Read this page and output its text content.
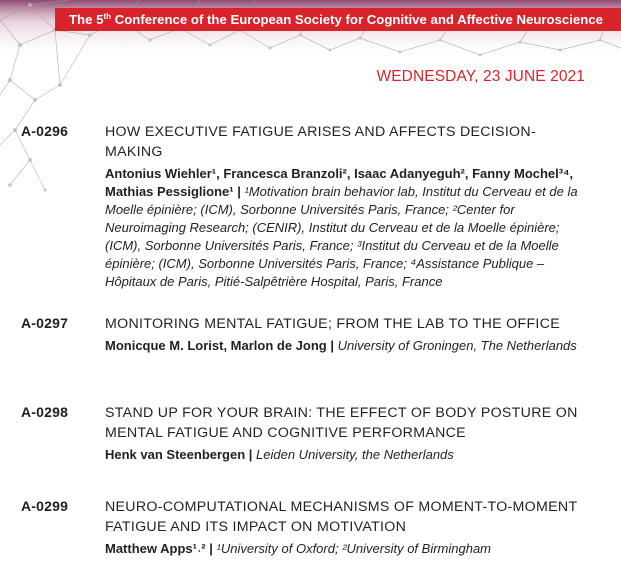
The 5th Conference of the European Society for Cognitive and Affective Neuroscience
WEDNESDAY, 23 JUNE 2021
A-0296	HOW EXECUTIVE FATIGUE ARISES AND AFFECTS DECISION-MAKING
Antonius Wiehler¹, Francesca Branzoli², Isaac Adanyeguh², Fanny Mochel³⁴, Mathias Pessiglione¹ | ¹Motivation brain behavior lab, Institut du Cerveau et de la Moelle épinière; (ICM), Sorbonne Universités Paris, France; ²Center for Neuroimaging Research; (CENIR), Institut du Cerveau et de la Moelle épinière; (ICM), Sorbonne Universités Paris, France; ³Institut du Cerveau et de la Moelle épinière; (ICM), Sorbonne Universités Paris, France; ⁴Assistance Publique – Hôpitaux de Paris, Pitié-Salpêtrière Hospital, Paris, France
A-0297	MONITORING MENTAL FATIGUE; FROM THE LAB TO THE OFFICE
Monicque M. Lorist, Marlon de Jong | University of Groningen, The Netherlands
A-0298	STAND UP FOR YOUR BRAIN: THE EFFECT OF BODY POSTURE ON MENTAL FATIGUE AND COGNITIVE PERFORMANCE
Henk van Steenbergen | Leiden University, the Netherlands
A-0299	NEURO-COMPUTATIONAL MECHANISMS OF MOMENT-TO-MOMENT FATIGUE AND ITS IMPACT ON MOTIVATION
Matthew Apps¹˒² | ¹University of Oxford; ²University of Birmingham
